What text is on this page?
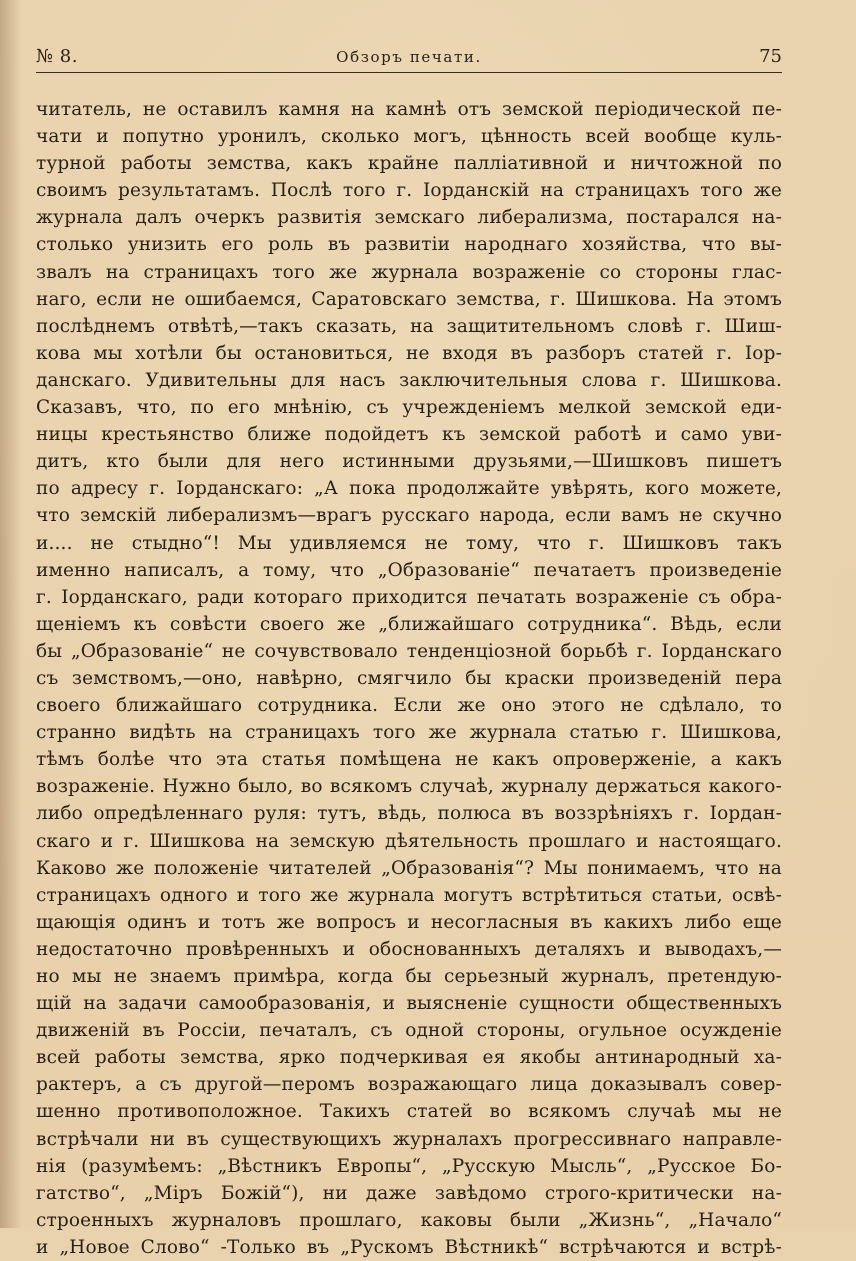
№ 8.	Обзоръ печати.	75
читатель, не оставилъ камня на камнѣ отъ земской періодической пе-
чати и попутно уронилъ, сколько могъ, цѣнность всей вообще куль-
турной работы земства, какъ крайне палліативной и ничтожной по
своимъ результатамъ. Послѣ того г. Іорданскій на страницахъ того же
журнала далъ очеркъ развитія земскаго либерализма, постарался на-
столько унизить его роль въ развитіи народнаго хозяйства, что вы-
звалъ на страницахъ того же журнала возраженіе со стороны глас-
наго, если не ошибаемся, Саратовскаго земства, г. Шишкова. На этомъ
послѣднемъ отвѣтѣ,—такъ сказать, на защитительномъ словѣ г. Шиш-
кова мы хотѣли бы остановиться, не входя въ разборъ статей г. Іор-
данскаго. Удивительны для насъ заключительныя слова г. Шишкова.
Сказавъ, что, по его мнѣнію, съ учрежденіемъ мелкой земской еди-
ницы крестьянство ближе подойдетъ къ земской работѣ и само уви-
дитъ, кто были для него истинными друзьями,—Шишковъ пишетъ
по адресу г. Іорданскаго: „А пока продолжайте увѣрять, кого можете,
что земскій либерализмъ—врагъ русскаго народа, если вамъ не скучно
и.... не стыдно“! Мы удивляемся не тому, что г. Шишковъ такъ
именно написалъ, а тому, что „Образованіе“ печатаетъ произведеніе
г. Іорданскаго, ради котораго приходится печатать возраженіе съ обра-
щеніемъ къ совѣсти своего же „ближайшаго сотрудника“. Вѣдь, если
бы „Образованіе“ не сочувствовало тенденціозной борьбѣ г. Іорданскаго
съ земствомъ,—оно, навѣрно, смягчило бы краски произведеній пера
своего ближайшаго сотрудника. Если же оно этого не сдѣлало, то
странно видѣть на страницахъ того же журнала статью г. Шишкова,
тѣмъ болѣе что эта статья помѣщена не какъ опроверженіе, а какъ
возраженіе. Нужно было, во всякомъ случаѣ, журналу держаться какого-
либо опредѣленнаго руля: тутъ, вѣдь, полюса въ воззрѣніяхъ г. Іордан-
скаго и г. Шишкова на земскую дѣятельность прошлаго и настоящаго.
Каково же положеніе читателей „Образованія“? Мы понимаемъ, что на
страницахъ одного и того же журнала могутъ встрѣтиться статьи, освѣ-
щающія одинъ и тотъ же вопросъ и несогласныя въ какихъ либо еще
недостаточно провѣренныхъ и обоснованныхъ деталяхъ и выводахъ,—
но мы не знаемъ примѣра, когда бы серьезный журналъ, претендую-
щій на задачи самообразованія, и выясненіе сущности общественныхъ
движеній въ Россіи, печаталъ, съ одной стороны, огульное осужденіе
всей работы земства, ярко подчеркивая ея якобы антинародный ха-
рактеръ, а съ другой—перомъ возражающаго лица доказывалъ совер-
шенно противоположное. Такихъ статей во всякомъ случаѣ мы не
встрѣчали ни въ существующихъ журналахъ прогрессивнаго направле-
нія (разумѣемъ: „Вѣстникъ Европы“, „Русскую Мысль“, „Русское Бо-
гатство“, „Міръ Божій“), ни даже завѣдомо строго-критически на-
строенныхъ журналовъ прошлаго, каковы были „Жизнь“, „Начало“
и „Новое Слово“ -Только въ „Рускомъ Вѣстникѣ“ встрѣчаются и встрѣ-
